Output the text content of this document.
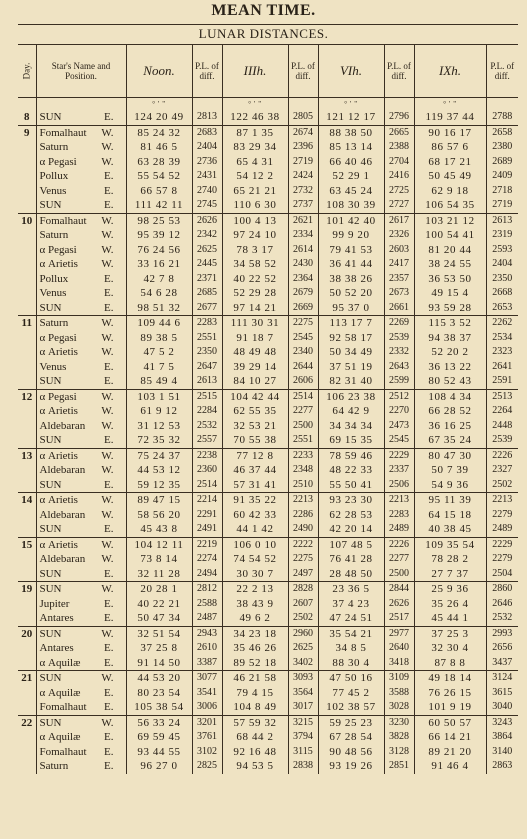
MEAN TIME.
LUNAR DISTANCES.
Day.	Star's Name and Position.	Noon.	P.L. of diff.	IIIh.	P.L. of diff.	VIh.	P.L. of diff.	IXh.	P.L. of diff.
		° ' "		° ' "		° ' "		° ' "	
8	SUN E.	124 20 49	2813	122 46 38	2805	121 12 17	2796	119 37 44	2788
9	Fomalhaut W.	85 24 32	2683	87 1 35	2674	88 38 50	2665	90 16 17	2658
	Saturn W.	81 46 5	2404	83 29 34	2396	85 13 14	2388	86 57 6	2380
	α Pegasi W.	63 28 39	2736	65 4 31	2719	66 40 46	2704	68 17 21	2689
	Pollux E.	55 54 52	2431	54 12 2	2424	52 29 1	2416	50 45 49	2409
	Venus E.	66 57 8	2740	65 21 21	2732	63 45 24	2725	62 9 18	2718
	SUN E.	111 42 11	2745	110 6 30	2737	108 30 39	2727	106 54 35	2719
10	Fomalhaut W.	98 25 53	2626	100 4 13	2621	101 42 40	2617	103 21 12	2613
	Saturn W.	95 39 12	2342	97 24 10	2334	99 9 20	2326	100 54 41	2319
	α Pegasi W.	76 24 56	2625	78 3 17	2614	79 41 53	2603	81 20 44	2593
	α Arietis W.	33 16 21	2445	34 58 52	2430	36 41 44	2417	38 24 55	2404
	Pollux E.	42 7 8	2371	40 22 52	2364	38 38 26	2357	36 53 50	2350
	Venus E.	54 6 28	2685	52 29 28	2679	50 52 20	2673	49 15 4	2668
	SUN E.	98 51 32	2677	97 14 21	2669	95 37 0	2661	93 59 28	2653
11	Saturn W.	109 44 6	2283	111 30 31	2275	113 17 7	2269	115 3 52	2262
	α Pegasi W.	89 38 5	2551	91 18 7	2545	92 58 17	2539	94 38 37	2534
	α Arietis W.	47 5 2	2350	48 49 48	2340	50 34 49	2332	52 20 2	2323
	Venus E.	41 7 5	2647	39 29 14	2644	37 51 19	2643	36 13 22	2641
	SUN E.	85 49 4	2613	84 10 27	2606	82 31 40	2599	80 52 43	2591
12	α Pegasi W.	103 1 51	2515	104 42 44	2514	106 23 38	2512	108 4 34	2513
	α Arietis W.	61 9 12	2284	62 55 35	2277	64 42 9	2270	66 28 52	2264
	Aldebaran W.	31 12 53	2532	32 53 21	2500	34 34 34	2473	36 16 25	2448
	SUN E.	72 35 32	2557	70 55 38	2551	69 15 35	2545	67 35 24	2539
13	α Arietis W.	75 24 37	2238	77 12 8	2233	78 59 46	2229	80 47 30	2226
	Aldebaran W.	44 53 12	2360	46 37 44	2348	48 22 33	2337	50 7 39	2327
	SUN E.	59 12 35	2514	57 31 41	2510	55 50 41	2506	54 9 36	2502
14	α Arietis W.	89 47 15	2214	91 35 22	2213	93 23 30	2213	95 11 39	2213
	Aldebaran W.	58 56 20	2291	60 42 33	2286	62 28 53	2283	64 15 18	2279
	SUN E.	45 43 8	2491	44 1 42	2490	42 20 14	2489	40 38 45	2489
15	α Arietis W.	104 12 11	2219	106 0 10	2222	107 48 5	2226	109 35 54	2229
	Aldebaran W.	73 8 14	2274	74 54 52	2275	76 41 28	2277	78 28 2	2279
	SUN E.	32 11 28	2494	30 30 7	2497	28 48 50	2500	27 7 37	2504
19	SUN W.	20 28 1	2812	22 2 13	2828	23 36 5	2844	25 9 36	2860
	Jupiter E.	40 22 21	2588	38 43 9	2607	37 4 23	2626	35 26 4	2646
	Antares E.	50 47 34	2487	49 6 2	2502	47 24 51	2517	45 44 1	2532
20	SUN W.	32 51 54	2943	34 23 18	2960	35 54 21	2977	37 25 3	2993
	Antares E.	37 25 8	2610	35 46 26	2625	34 8 5	2640	32 30 4	2656
	α Aquilæ E.	91 14 50	3387	89 52 18	3402	88 30 4	3418	87 8 8	3437
21	SUN W.	44 53 20	3077	46 21 58	3093	47 50 16	3109	49 18 14	3124
	α Aquilæ E.	80 23 54	3541	79 4 15	3564	77 45 2	3588	76 26 15	3615
	Fomalhaut E.	105 38 54	3006	104 8 49	3017	102 38 57	3028	101 9 19	3040
22	SUN W.	56 33 24	3201	57 59 32	3215	59 25 23	3230	60 50 57	3243
	α Aquilæ E.	69 59 45	3761	68 44 2	3794	67 28 54	3828	66 14 21	3864
	Fomalhaut E.	93 44 55	3102	92 16 48	3115	90 48 56	3128	89 21 20	3140
	Saturn E.	96 27 0	2825	94 53 5	2838	93 19 26	2851	91 46 4	2863
